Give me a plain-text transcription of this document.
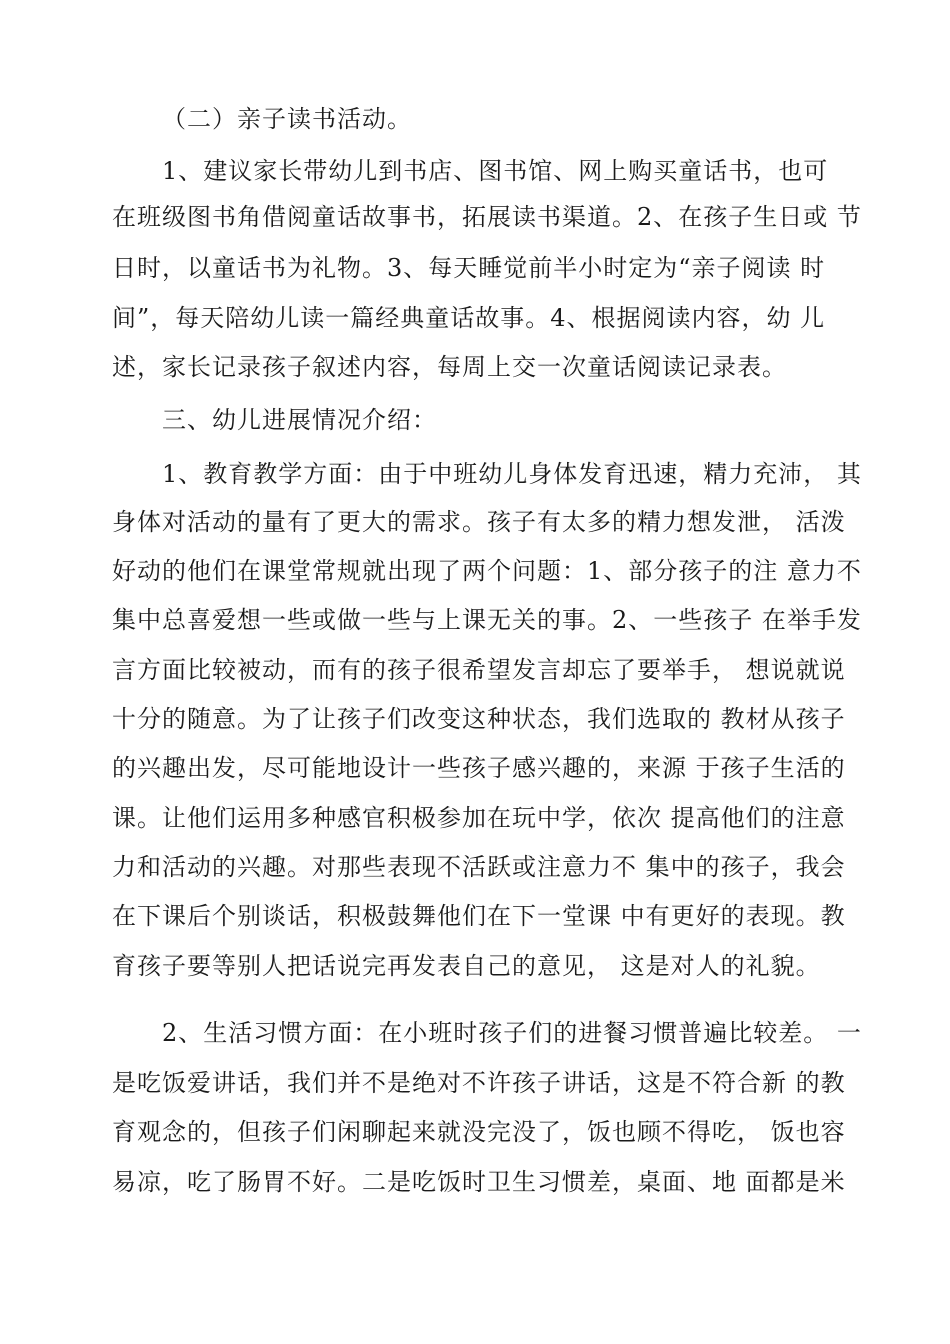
（二）亲子读书活动。
1、建议家长带幼儿到书店、图书馆、网上购买童话书，也可
在班级图书角借阅童话故事书，拓展读书渠道。2、在孩子生日或 节
日时，以童话书为礼物。3、每天睡觉前半小时定为“亲子阅读 时
间”，每天陪幼儿读一篇经典童话故事。4、根据阅读内容，幼 儿
述，家长记录孩子叙述内容，每周上交一次童话阅读记录表。
三、幼儿进展情况介绍：
1、教育教学方面：由于中班幼儿身体发育迅速，精力充沛， 其
身体对活动的量有了更大的需求。孩子有太多的精力想发泄， 活泼
好动的他们在课堂常规就出现了两个问题：1、部分孩子的注 意力不
集中总喜爱想一些或做一些与上课无关的事。2、一些孩子 在举手发
言方面比较被动，而有的孩子很希望发言却忘了要举手， 想说就说
十分的随意。为了让孩子们改变这种状态，我们选取的 教材从孩子
的兴趣出发，尽可能地设计一些孩子感兴趣的，来源 于孩子生活的
课。让他们运用多种感官积极参加在玩中学，依次 提高他们的注意
力和活动的兴趣。对那些表现不活跃或注意力不 集中的孩子，我会
在下课后个别谈话，积极鼓舞他们在下一堂课 中有更好的表现。教
育孩子要等别人把话说完再发表自己的意见， 这是对人的礼貌。
2、生活习惯方面：在小班时孩子们的进餐习惯普遍比较差。 一
是吃饭爱讲话，我们并不是绝对不许孩子讲话，这是不符合新 的教
育观念的，但孩子们闲聊起来就没完没了，饭也顾不得吃， 饭也容
易凉，吃了肠胃不好。二是吃饭时卫生习惯差，桌面、地 面都是米
